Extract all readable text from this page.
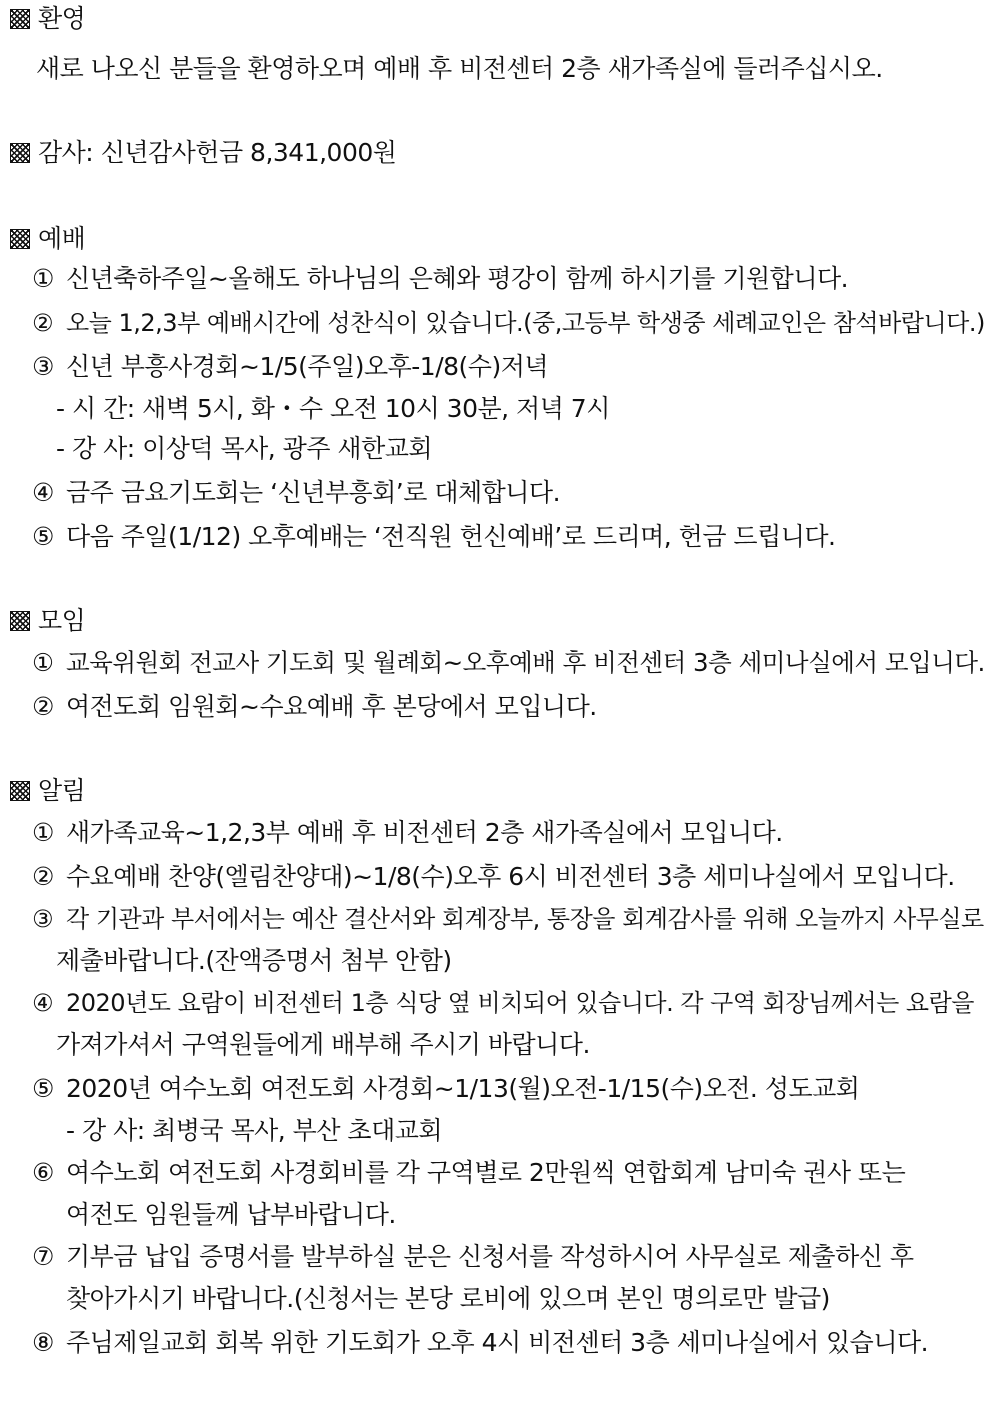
환영
새로 나오신 분들을 환영하오며 예배 후 비전센터 2층 새가족실에 들러주십시오.
감사: 신년감사헌금 8,341,000원
예배
① 신년축하주일~올해도 하나님의 은혜와 평강이 함께 하시기를 기원합니다.
② 오늘 1,2,3부 예배시간에 성찬식이 있습니다.(중,고등부 학생중 세례교인은 참석바랍니다.)
③ 신년 부흥사경회~1/5(주일)오후-1/8(수)저녁
- 시 간: 새벽 5시, 화・수 오전 10시 30분, 저녁 7시
- 강 사: 이상덕 목사, 광주 새한교회
④ 금주 금요기도회는 ‘신년부흥회’로 대체합니다.
⑤ 다음 주일(1/12) 오후예배는 ‘전직원 헌신예배’로 드리며, 헌금 드립니다.
모임
① 교육위원회 전교사 기도회 및 월례회~오후예배 후 비전센터 3층 세미나실에서 모입니다.
② 여전도회 임원회~수요예배 후 본당에서 모입니다.
알림
① 새가족교육~1,2,3부 예배 후 비전센터 2층 새가족실에서 모입니다.
② 수요예배 찬양(엘림찬양대)~1/8(수)오후 6시 비전센터 3층 세미나실에서 모입니다.
③ 각 기관과 부서에서는 예산 결산서와 회계장부, 통장을 회계감사를 위해 오늘까지 사무실로
제출바랍니다.(잔액증명서 첨부 안함)
④ 2020년도 요람이 비전센터 1층 식당 옆 비치되어 있습니다. 각 구역 회장님께서는 요람을
가져가셔서 구역원들에게 배부해 주시기 바랍니다.
⑤ 2020년 여수노회 여전도회 사경회~1/13(월)오전-1/15(수)오전. 성도교회
- 강 사: 최병국 목사, 부산 초대교회
⑥ 여수노회 여전도회 사경회비를 각 구역별로 2만원씩 연합회계 남미숙 권사 또는
여전도 임원들께 납부바랍니다.
⑦ 기부금 납입 증명서를 발부하실 분은 신청서를 작성하시어 사무실로 제출하신 후
찾아가시기 바랍니다.(신청서는 본당 로비에 있으며 본인 명의로만 발급)
⑧ 주님제일교회 회복 위한 기도회가 오후 4시 비전센터 3층 세미나실에서 있습니다.
